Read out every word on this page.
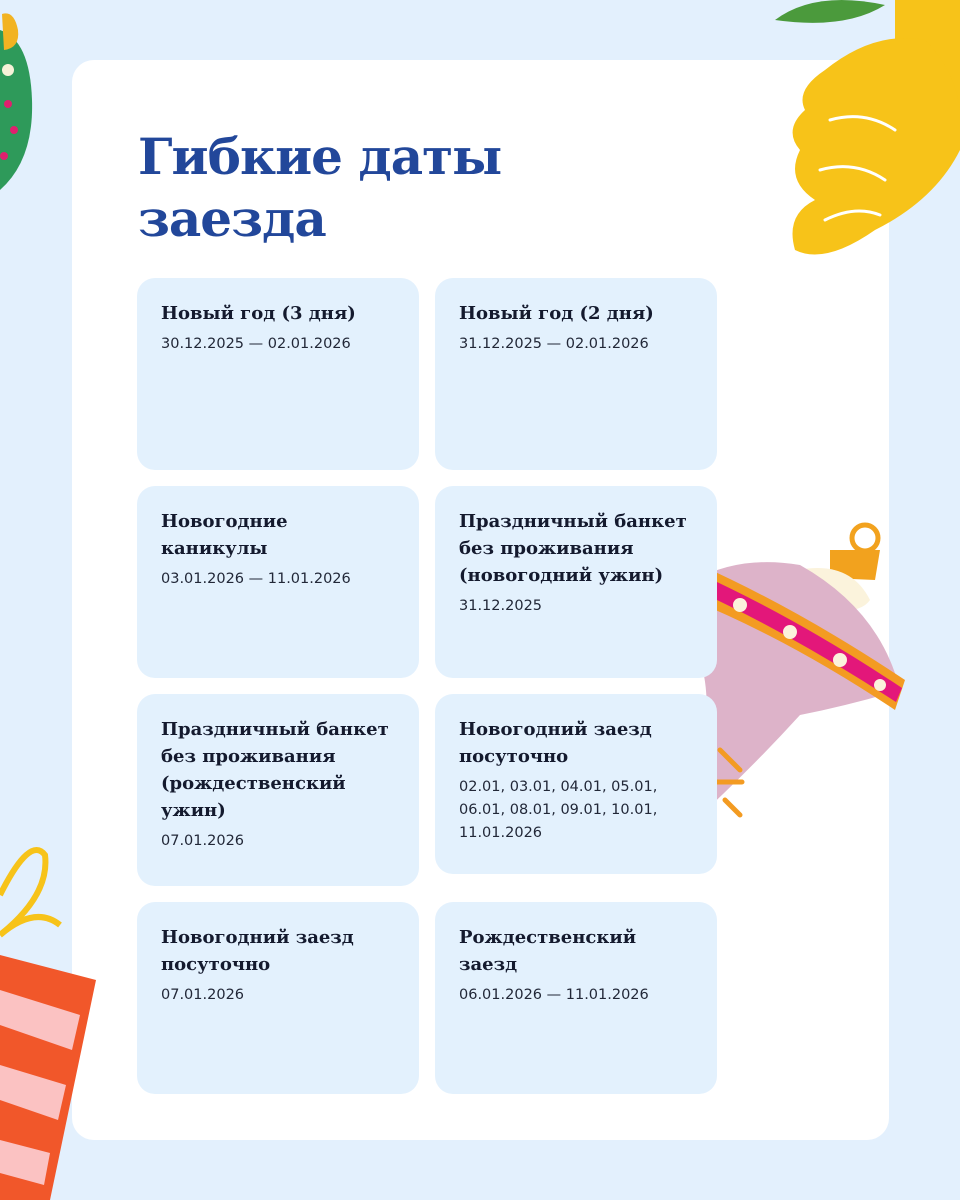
Гибкие даты
заезда
Новый год (3 дня)
30.12.2025 — 02.01.2026
Новый год (2 дня)
31.12.2025 — 02.01.2026
Новогодние каникулы
03.01.2026 — 11.01.2026
Праздничный банкет без проживания (новогодний ужин)
31.12.2025
Праздничный банкет без проживания (рождественский ужин)
07.01.2026
Новогодний заезд посуточно
02.01, 03.01, 04.01, 05.01, 06.01, 08.01, 09.01, 10.01, 11.01.2026
Новогодний заезд посуточно
07.01.2026
Рождественский заезд
06.01.2026 — 11.01.2026
